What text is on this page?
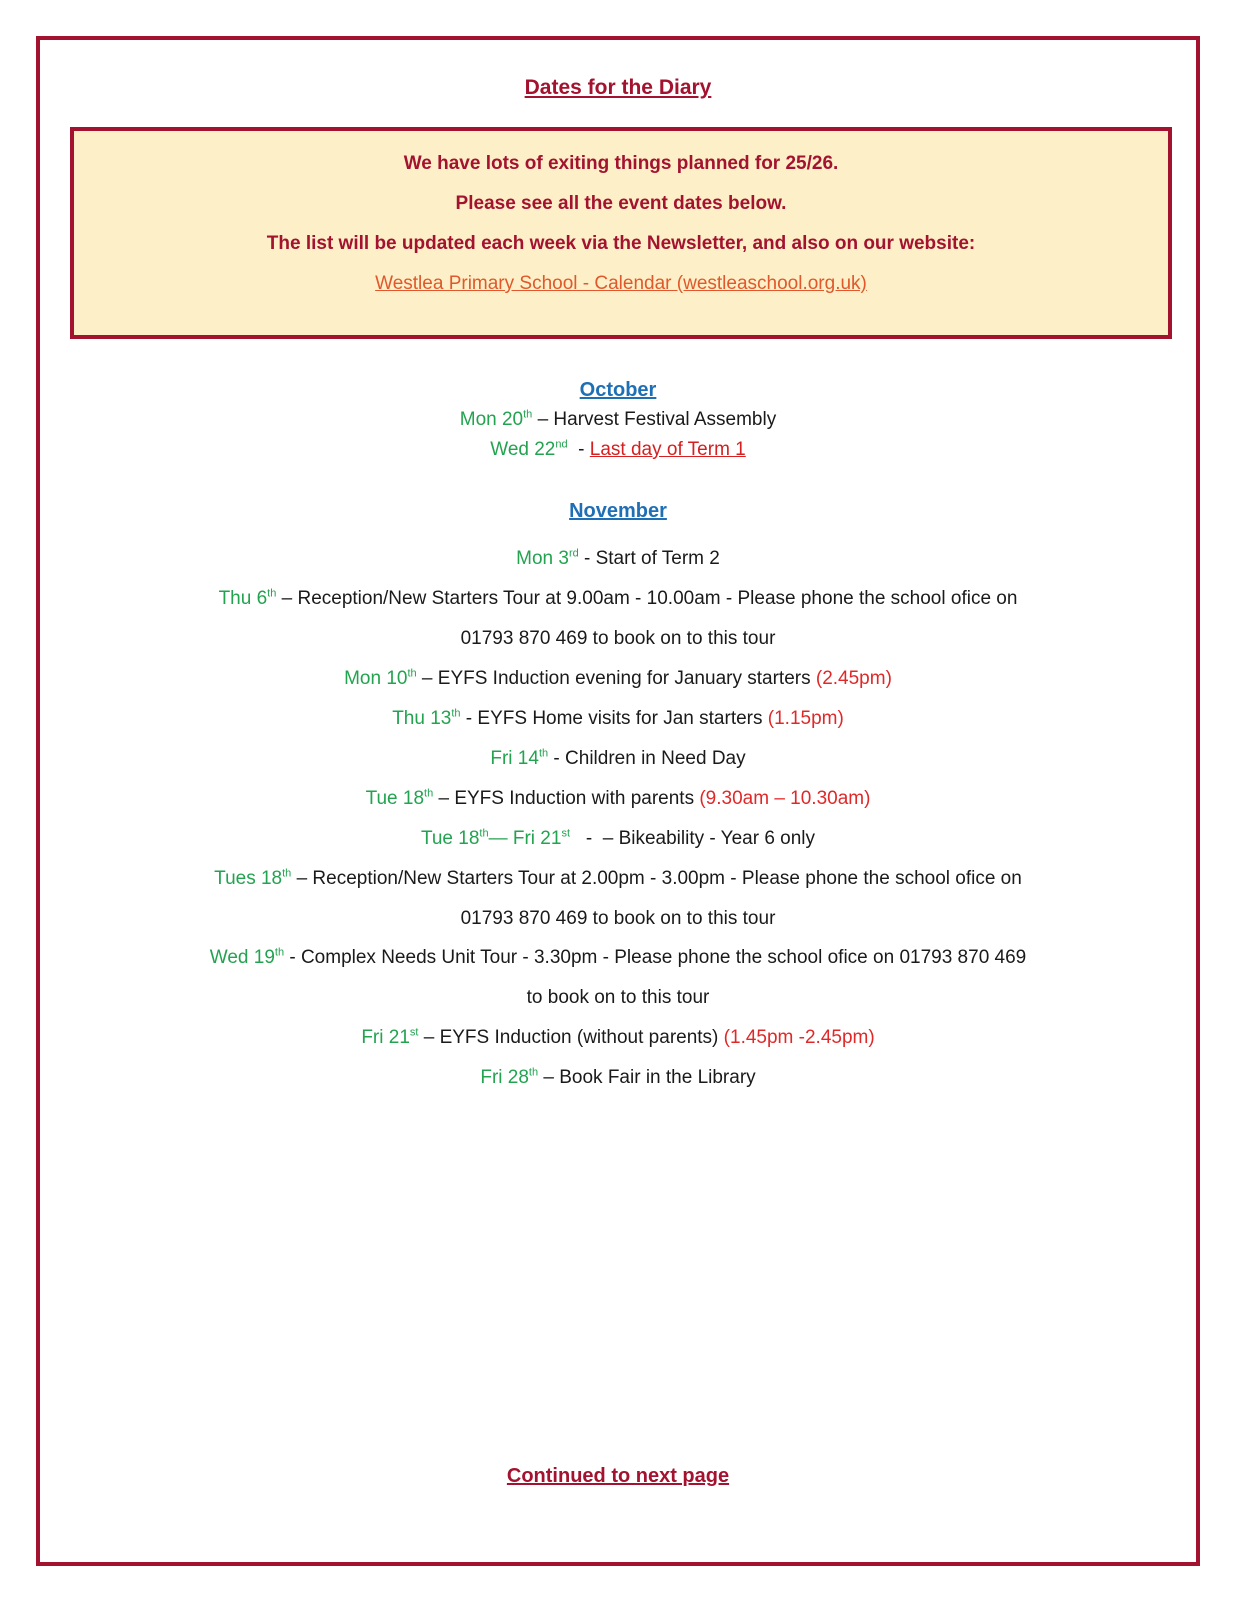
Dates for the Diary
We have lots of exiting things planned for 25/26.
Please see all the event dates below.
The list will be updated each week via the Newsletter, and also on our website:
Westlea Primary School - Calendar (westleaschool.org.uk)
October
Mon 20th – Harvest Festival Assembly
Wed 22nd  - Last day of Term 1
November
Mon 3rd - Start of Term 2
Thu 6th – Reception/New Starters Tour at 9.00am - 10.00am - Please phone the school ofice on
01793 870 469 to book on to this tour
Mon 10th – EYFS Induction evening for January starters (2.45pm)
Thu 13th - EYFS Home visits for Jan starters (1.15pm)
Fri 14th - Children in Need Day
Tue 18th – EYFS Induction with parents (9.30am – 10.30am)
Tue 18th— Fri 21st   -  – Bikeability - Year 6 only
Tues 18th – Reception/New Starters Tour at 2.00pm - 3.00pm - Please phone the school ofice on
01793 870 469 to book on to this tour
Wed 19th - Complex Needs Unit Tour - 3.30pm - Please phone the school ofice on 01793 870 469
to book on to this tour
Fri 21st – EYFS Induction (without parents) (1.45pm -2.45pm)
Fri 28th – Book Fair in the Library
Continued to next page
